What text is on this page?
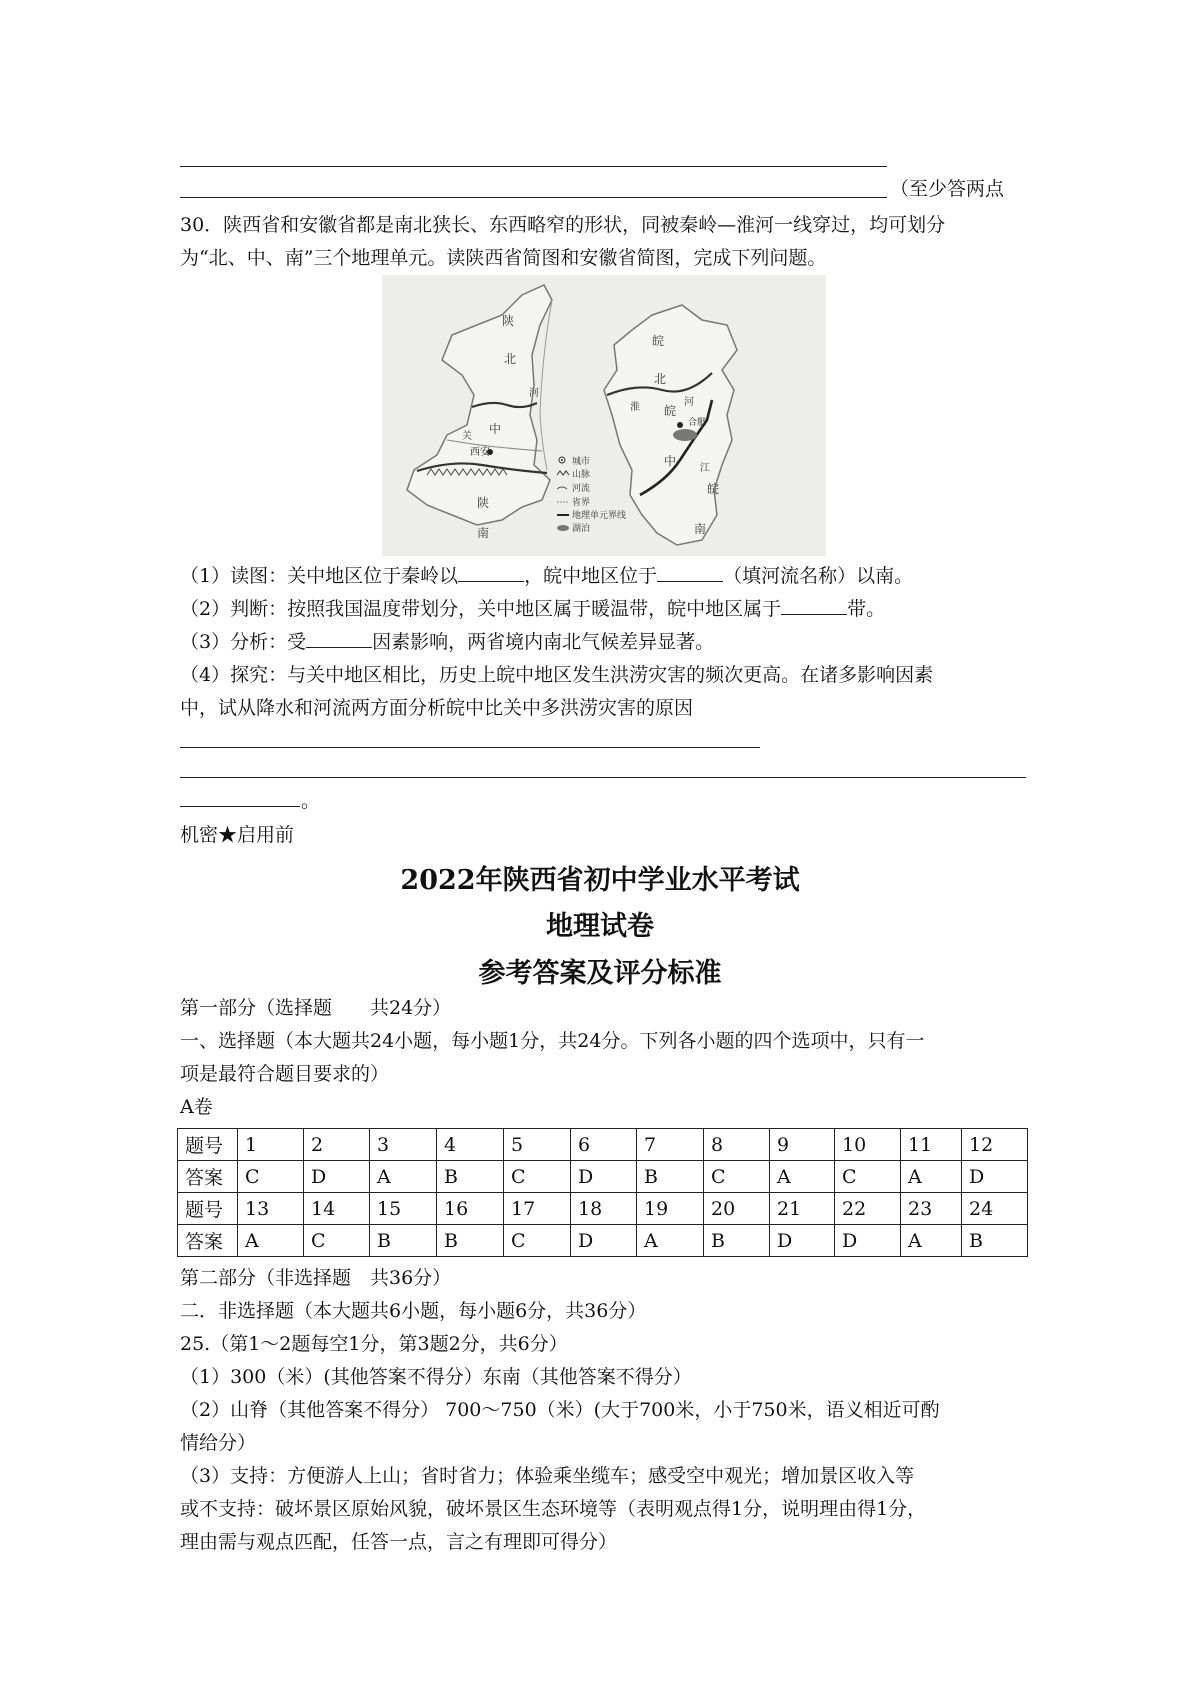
（至少答两点
30．陕西省和安徽省都是南北狭长、东西略窄的形状，同被秦岭—淮河一线穿过，均可划分
为“北、中、南”三个地理单元。读陕西省简图和安徽省简图，完成下列问题。
陕
北
河
中
关
西安
陕
南
皖
北
河
淮 皖
合肥
中
江
皖
南
城市
山脉
河流
省界
地理单元界线
湖泊
（1）读图：关中地区位于秦岭以	，皖中地区位于	（填河流名称）以南。
（2）判断：按照我国温度带划分，关中地区属于暖温带，皖中地区属于	带。
（3）分析：受	因素影响，两省境内南北气候差异显著。
（4）探究：与关中地区相比，历史上皖中地区发生洪涝灾害的频次更高。在诸多影响因素
中，试从降水和河流两方面分析皖中比关中多洪涝灾害的原因
。
机密★启用前
2022年陕西省初中学业水平考试
地理试卷
参考答案及评分标准
第一部分（选择题　　共24分）
一、选择题（本大题共24小题，每小题1分，共24分。下列各小题的四个选项中，只有一
项是最符合题目要求的）
A卷
题号	1	2	3	4	5	6	7	8	9	10	11	12
答案	C	D	A	B	C	D	B	C	A	C	A	D
题号	13	14	15	16	17	18	19	20	21	22	23	24
答案	A	C	B	B	C	D	A	B	D	D	A	B
第二部分（非选择题　共36分）
二．非选择题（本大题共6小题，每小题6分，共36分）
25.（第1～2题每空1分，第3题2分，共6分）
（1）300（米）(其他答案不得分）东南（其他答案不得分）
（2）山脊（其他答案不得分） 700～750（米）(大于700米，小于750米，语义相近可酌
情给分）
（3）支持：方便游人上山；省时省力；体验乘坐缆车；感受空中观光；增加景区收入等
或不支持：破坏景区原始风貌，破坏景区生态环境等（表明观点得1分，说明理由得1分，
理由需与观点匹配，任答一点，言之有理即可得分）
